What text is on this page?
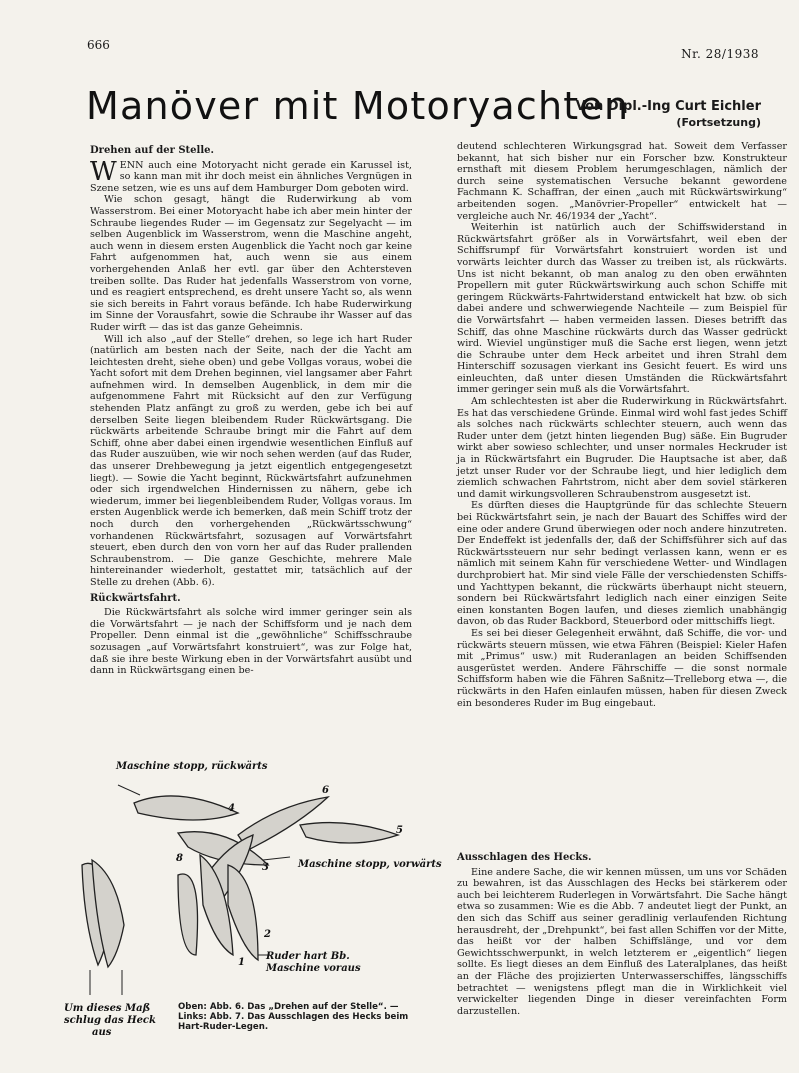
666
Nr. 28/1938
Manöver mit Motoryachten
Von Dipl.-Ing Curt Eichler
(Fortsetzung)
Drehen auf der Stelle.

WENN auch eine Motoryacht nicht gerade ein Karussel ist, so kann man mit ihr doch meist ein ähnliches Vergnügen in Szene setzen, wie es uns auf dem Hamburger Dom geboten wird.

Wie schon gesagt, hängt die Ruderwirkung ab vom Wasserstrom. Bei einer Motoryacht habe ich aber mein hinter der Schraube liegendes Ruder — im Gegensatz zur Segelyacht — im selben Augenblick im Wasserstrom, wenn die Maschine angeht, auch wenn in diesem ersten Augenblick die Yacht noch gar keine Fahrt aufgenommen hat, auch wenn sie aus einem vorhergehenden Anlaß her evtl. gar über den Achtersteven treiben sollte. Das Ruder hat jedenfalls Wasserstrom von vorne, und es reagiert entsprechend, es dreht unsere Yacht so, als wenn sie sich bereits in Fahrt voraus befände. Ich habe Ruderwirkung im Sinne der Vorausfahrt, sowie die Schraube ihr Wasser auf das Ruder wirft — das ist das ganze Geheimnis.

Will ich also „auf der Stelle“ drehen, so lege ich hart Ruder (natürlich am besten nach der Seite, nach der die Yacht am leichtesten dreht, siehe oben) und gebe Vollgas voraus, wobei die Yacht sofort mit dem Drehen beginnen, viel langsamer aber Fahrt aufnehmen wird. In demselben Augenblick, in dem mir die aufgenommene Fahrt mit Rücksicht auf den zur Verfügung stehenden Platz anfängt zu groß zu werden, gebe ich bei auf derselben Seite liegen bleibendem Ruder Rückwärtsgang. Die rückwärts arbeitende Schraube bringt mir die Fahrt auf dem Schiff, ohne aber dabei einen irgendwie wesentlichen Einfluß auf das Ruder auszuüben, wie wir noch sehen werden (auf das Ruder, das unserer Drehbewegung ja jetzt eigentlich entgegengesetzt liegt). — Sowie die Yacht beginnt, Rückwärtsfahrt aufzunehmen oder sich irgendwelchen Hindernissen zu nähern, gebe ich wiederum, immer bei liegenbleibendem Ruder, Vollgas voraus. Im ersten Augenblick werde ich bemerken, daß mein Schiff trotz der noch durch den vorhergehenden „Rückwärtsschwung“ vorhandenen Rückwärtsfahrt, sozusagen auf Vorwärtsfahrt steuert, eben durch den von vorn her auf das Ruder prallenden Schraubenstrom. — Die ganze Geschichte, mehrere Male hintereinander wiederholt, gestattet mir, tatsächlich auf der Stelle zu drehen (Abb. 6).

Rückwärtsfahrt.

Die Rückwärtsfahrt als solche wird immer geringer sein als die Vorwärtsfahrt — je nach der Schiffsform und je nach dem Propeller. Denn einmal ist die „gewöhnliche“ Schiffsschraube sozusagen „auf Vorwärtsfahrt konstruiert“, was zur Folge hat, daß sie ihre beste Wirkung eben in der Vorwärtsfahrt ausübt und dann in Rückwärtsgang einen be-

deutend schlechteren Wirkungsgrad hat. Soweit dem Verfasser bekannt, hat sich bisher nur ein Forscher bzw. Konstrukteur ernsthaft mit diesem Problem herumgeschlagen, nämlich der durch seine systematischen Versuche bekannt gewordene Fachmann K. Schaffran, der einen „auch mit Rückwärtswirkung“ arbeitenden sogen. „Manövrier-Propeller“ entwickelt hat — vergleiche auch Nr. 46/1934 der „Yacht“.

Weiterhin ist natürlich auch der Schiffswiderstand in Rückwärtsfahrt größer als in Vorwärtsfahrt, weil eben der Schiffsrumpf für Vorwärtsfahrt konstruiert worden ist und vorwärts leichter durch das Wasser zu treiben ist, als rückwärts. Uns ist nicht bekannt, ob man analog zu den oben erwähnten Propellern mit guter Rückwärtswirkung auch schon Schiffe mit geringem Rückwärts-Fahrtwiderstand entwickelt hat bzw. ob sich dabei andere und schwerwiegende Nachteile — zum Beispiel für die Vorwärtsfahrt — haben vermeiden lassen. Dieses betrifft das Schiff, das ohne Maschine rückwärts durch das Wasser gedrückt wird. Wieviel ungünstiger muß die Sache erst liegen, wenn jetzt die Schraube unter dem Heck arbeitet und ihren Strahl dem Hinterschiff sozusagen vierkant ins Gesicht feuert. Es wird uns einleuchten, daß unter diesen Umständen die Rückwärtsfahrt immer geringer sein muß als die Vorwärtsfahrt.

Am schlechtesten ist aber die Ruderwirkung in Rückwärtsfahrt. Es hat das verschiedene Gründe. Einmal wird wohl fast jedes Schiff als solches nach rückwärts schlechter steuern, auch wenn das Ruder unter dem (jetzt hinten liegenden Bug) säße. Ein Bugruder wirkt aber sowieso schlechter, und unser normales Heckruder ist ja in Rückwärtsfahrt ein Bugruder. Die Hauptsache ist aber, daß jetzt unser Ruder vor der Schraube liegt, und hier lediglich dem ziemlich schwachen Fahrtstrom, nicht aber dem soviel stärkeren und damit wirkungsvolleren Schraubenstrom ausgesetzt ist.

Es dürften dieses die Hauptgründe für das schlechte Steuern bei Rückwärtsfahrt sein, je nach der Bauart des Schiffes wird der eine oder andere Grund überwiegen oder noch andere hinzutreten. Der Endeffekt ist jedenfalls der, daß der Schiffsführer sich auf das Rückwärtssteuern nur sehr bedingt verlassen kann, wenn er es nämlich mit seinem Kahn für verschiedene Wetter- und Windlagen durchprobiert hat. Mir sind viele Fälle der verschiedensten Schiffs- und Yachttypen bekannt, die rückwärts überhaupt nicht steuern, sondern bei Rückwärtsfahrt lediglich nach einer einzigen Seite einen konstanten Bogen laufen, und dieses ziemlich unabhängig davon, ob das Ruder Backbord, Steuerbord oder mittschiffs liegt.

Es sei bei dieser Gelegenheit erwähnt, daß Schiffe, die vor- und rückwärts steuern müssen, wie etwa Fähren (Beispiel: Kieler Hafen mit „Primus“ usw.) mit Ruderanlagen an beiden Schiffsenden ausgerüstet werden. Andere Fährschiffe — die sonst normale Schiffsform haben wie die Fähren Saßnitz—Trelleborg etwa —, die rückwärts in den Hafen einlaufen müssen, haben für diesen Zweck ein besonderes Ruder im Bug eingebaut.

Ausschlagen des Hecks.

Eine andere Sache, die wir kennen müssen, um uns vor Schäden zu bewahren, ist das Ausschlagen des Hecks bei stärkerem oder auch bei leichterem Ruderlegen in Vorwärtsfahrt. Die Sache hängt etwa so zusammen: Wie es die Abb. 7 andeutet liegt der Punkt, an den sich das Schiff aus seiner geradlinig verlaufenden Richtung herausdreht, der „Drehpunkt“, bei fast allen Schiffen vor der Mitte, das heißt vor der halben Schiffslänge, und vor dem Gewichtsschwerpunkt, in welch letzterem er „eigentlich“ liegen sollte. Es liegt dieses an dem Einfluß des Lateralplanes, das heißt an der Fläche des projizierten Unterwasserschiffes, längsschiffs betrachtet — wenigstens pflegt man die in Wirklichkeit viel verwickelter liegenden Dinge in dieser vereinfachten Form darzustellen.

Maschine stopp, rückwärts
Maschine stopp, vorwärts
Ruder hart Bb.
Maschine voraus
Um dieses Maß
schlug das Heck
aus
1
2
3
4
5
6
8
Oben: Abb. 6. Das „Drehen auf der Stelle“. — Links: Abb. 7. Das Ausschlagen des Hecks beim Hart-Ruder-Legen.
